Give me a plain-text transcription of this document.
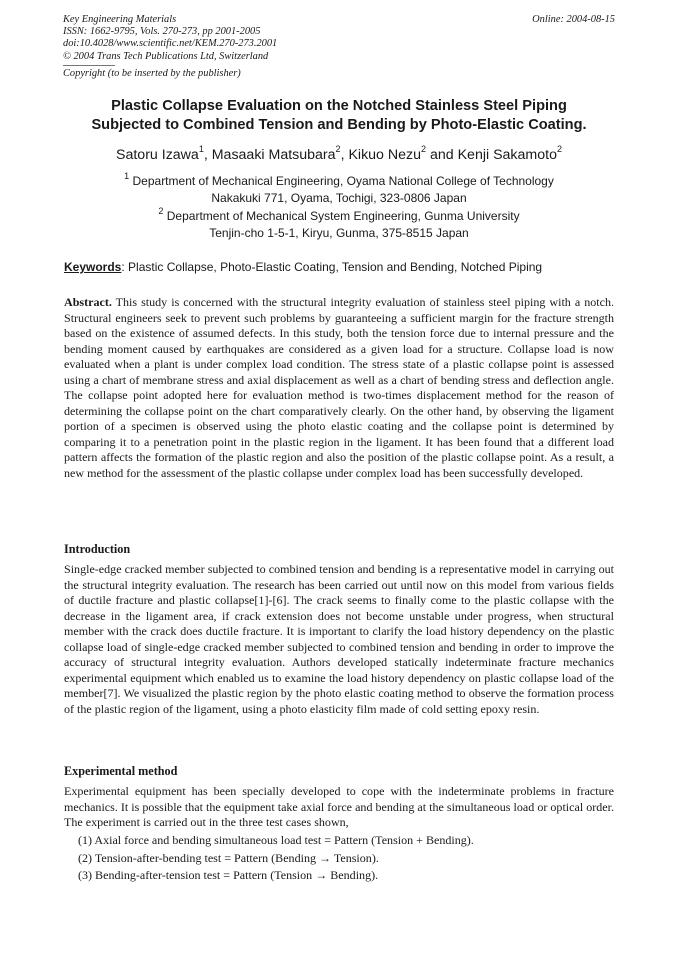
Key Engineering Materials	Online: 2004-08-15
ISSN: 1662-9795, Vols. 270-273, pp 2001-2005
doi:10.4028/www.scientific.net/KEM.270-273.2001
© 2004 Trans Tech Publications Ltd, Switzerland
Copyright (to be inserted by the publisher)
Plastic Collapse Evaluation on the Notched Stainless Steel Piping
Subjected to Combined Tension and Bending by Photo-Elastic Coating.
Satoru Izawa$^1$, Masaaki Matsubara$^2$, Kikuo Nezu$^2$ and Kenji Sakamoto$^2$
$^1$ Department of Mechanical Engineering, Oyama National College of Technology
Nakakuki 771, Oyama, Tochigi, 323-0806 Japan
$^2$ Department of Mechanical System Engineering, Gunma University
Tenjin-cho 1-5-1, Kiryu, Gunma, 375-8515 Japan
Keywords: Plastic Collapse, Photo-Elastic Coating, Tension and Bending, Notched Piping
Abstract. This study is concerned with the structural integrity evaluation of stainless steel piping with a notch. Structural engineers seek to prevent such problems by guaranteeing a sufficient margin for the fracture strength based on the existence of assumed defects. In this study, both the tension force due to internal pressure and the bending moment caused by earthquakes are considered as a given load for a structure. Collapse load is now evaluated when a plant is under complex load condition. The stress state of a plastic collapse point is assessed using a chart of membrane stress and axial displacement as well as a chart of bending stress and deflection angle. The collapse point adopted here for evaluation method is two-times displacement method for the reason of determining the collapse point on the chart comparatively clearly. On the other hand, by observing the ligament portion of a specimen is observed using the photo elastic coating and the collapse point is determined by comparing it to a penetration point in the plastic region in the ligament. It has been found that a different load pattern affects the formation of the plastic region and also the position of the plastic collapse point. As a result, a new method for the assessment of the plastic collapse under complex load has been successfully developed.
Introduction
Single-edge cracked member subjected to combined tension and bending is a representative model in carrying out the structural integrity evaluation. The research has been carried out until now on this model from various fields of ductile fracture and plastic collapse[1]-[6]. The crack seems to finally come to the plastic collapse with the decrease in the ligament area, if crack extension does not become unstable under progress, when structural member with the crack does ductile fracture. It is important to clarify the load history dependency on the plastic collapse load of single-edge cracked member subjected to combined tension and bending in order to improve the accuracy of structural integrity evaluation. Authors developed statically indeterminate fracture mechanics experimental equipment which enabled us to examine the load history dependency on plastic collapse load of the member[7]. We visualized the plastic region by the photo elastic coating method to observe the formation process of the plastic region of the ligament, using a photo elasticity film made of cold setting epoxy resin.
Experimental method
Experimental equipment has been specially developed to cope with the indeterminate problems in fracture mechanics. It is possible that the equipment take axial force and bending at the simultaneous load or optical order. The experiment is carried out in the three test cases shown,
(1) Axial force and bending simultaneous load test = Pattern (Tension + Bending).
(2) Tension-after-bending test = Pattern (Bending → Tension).
(3) Bending-after-tension test = Pattern (Tension → Bending).
